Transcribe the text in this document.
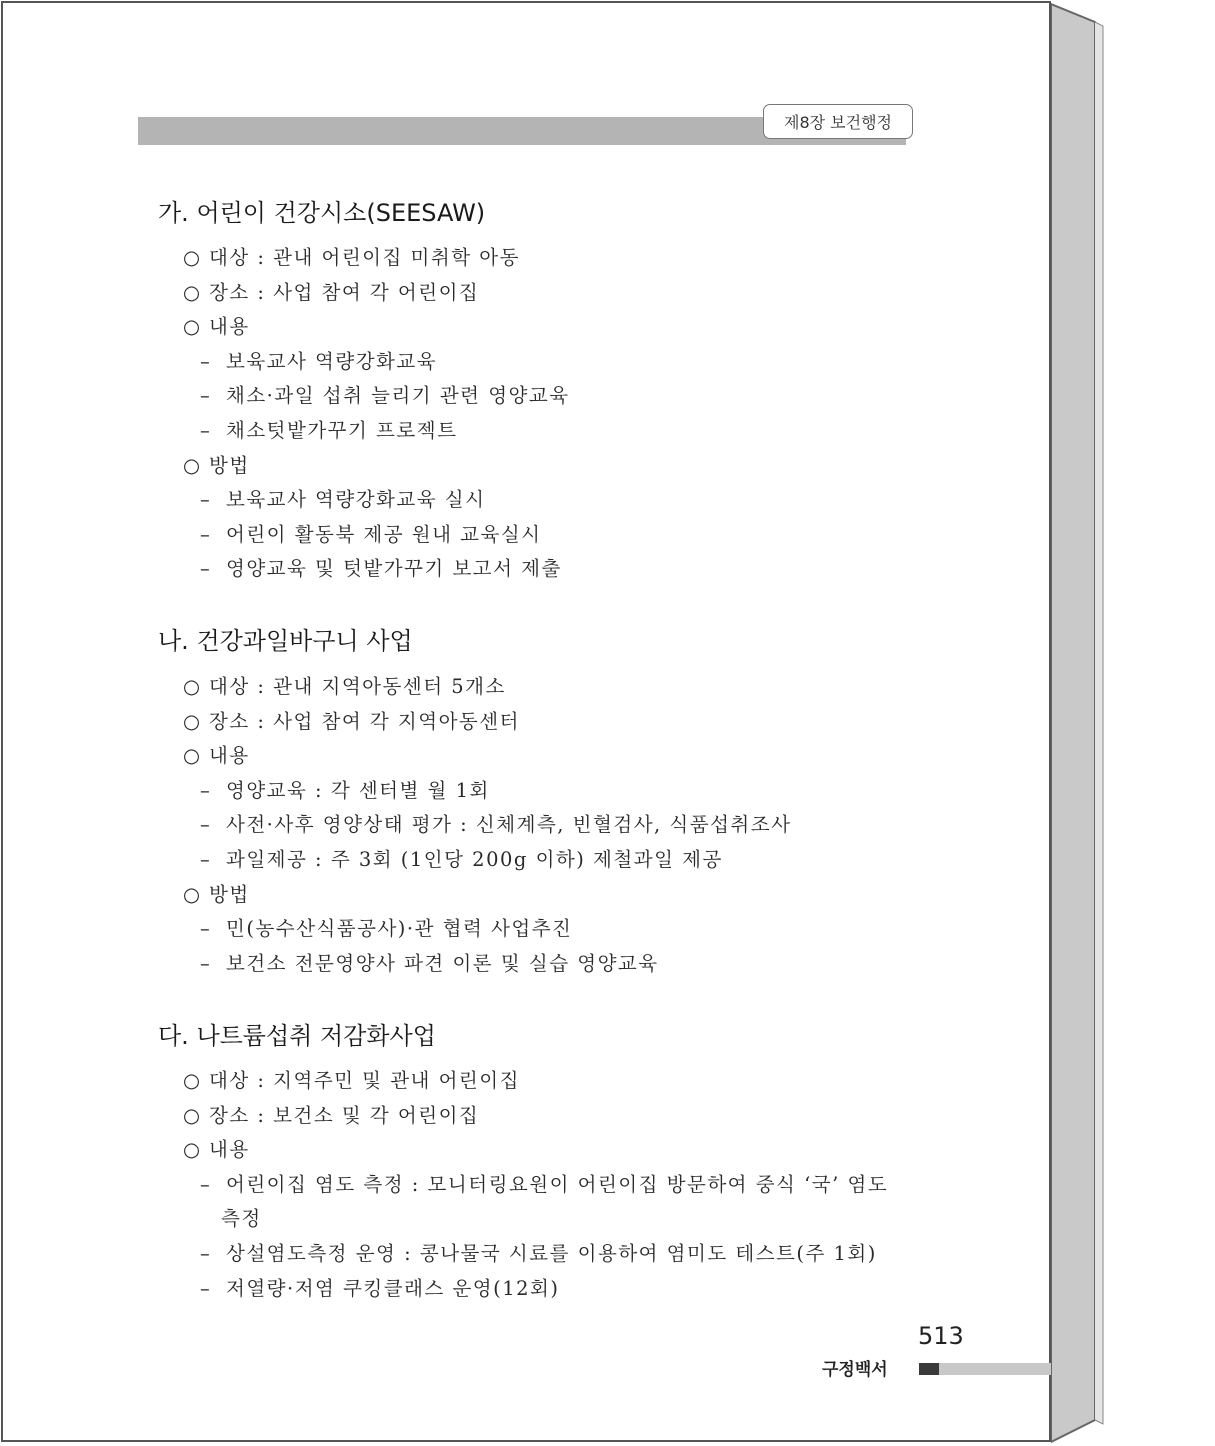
제8장 보건행정
가. 어린이 건강시소(SEESAW)
○ 대상 : 관내 어린이집 미취학 아동
○ 장소 : 사업 참여 각 어린이집
○ 내용
– 보육교사 역량강화교육
– 채소·과일 섭취 늘리기 관련 영양교육
– 채소텃밭가꾸기 프로젝트
○ 방법
– 보육교사 역량강화교육 실시
– 어린이 활동북 제공 원내 교육실시
– 영양교육 및 텃밭가꾸기 보고서 제출
나. 건강과일바구니 사업
○ 대상 : 관내 지역아동센터 5개소
○ 장소 : 사업 참여 각 지역아동센터
○ 내용
– 영양교육 : 각 센터별 월 1회
– 사전·사후 영양상태 평가 : 신체계측, 빈혈검사, 식품섭취조사
– 과일제공 : 주 3회 (1인당 200g 이하) 제철과일 제공
○ 방법
– 민(농수산식품공사)·관 협력 사업추진
– 보건소 전문영양사 파견 이론 및 실습 영양교육
다. 나트륨섭취 저감화사업
○ 대상 : 지역주민 및 관내 어린이집
○ 장소 : 보건소 및 각 어린이집
○ 내용
– 어린이집 염도 측정 : 모니터링요원이 어린이집 방문하여 중식 ‘국’ 염도
측정
– 상설염도측정 운영 : 콩나물국 시료를 이용하여 염미도 테스트(주 1회)
– 저열량·저염 쿠킹클래스 운영(12회)
513
구정백서
